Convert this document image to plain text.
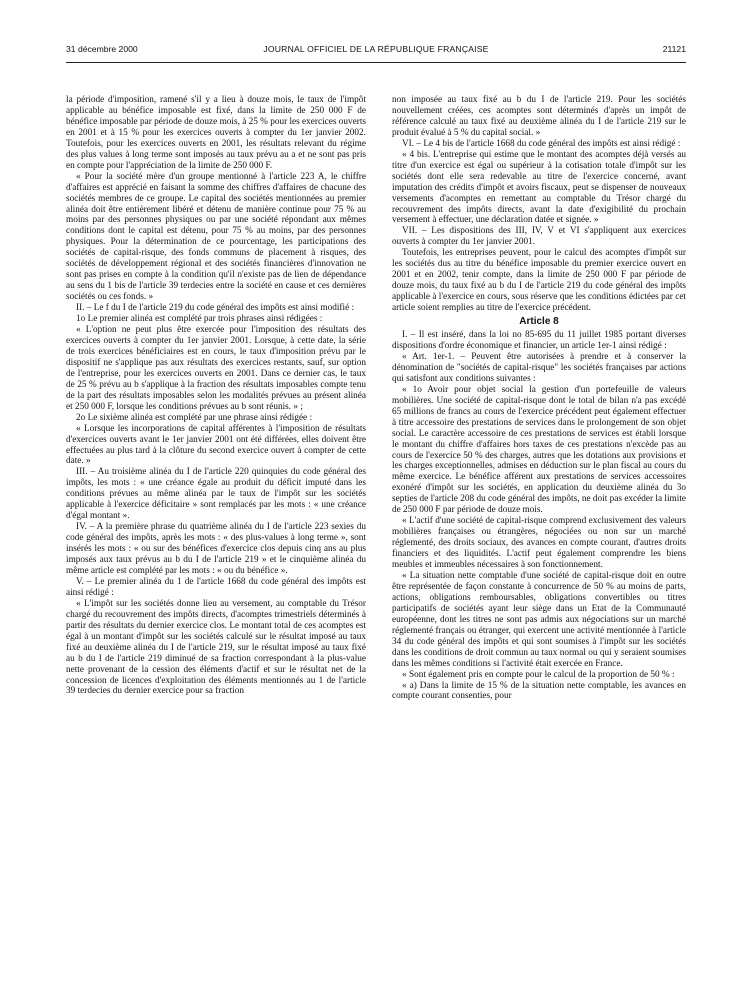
31 décembre 2000	JOURNAL OFFICIEL DE LA RÉPUBLIQUE FRANÇAISE	21121

la période d'imposition, ramené s'il y a lieu à douze mois, le taux de l'impôt applicable au bénéfice imposable est fixé, dans la limite de 250 000 F de bénéfice imposable par période de douze mois, à 25 % pour les exercices ouverts en 2001 et à 15 % pour les exercices ouverts à compter du 1er janvier 2002. Toutefois, pour les exercices ouverts en 2001, les résultats relevant du régime des plus values à long terme sont imposés au taux prévu au a et ne sont pas pris en compte pour l'appréciation de la limite de 250 000 F.

« Pour la société mère d'un groupe mentionné à l'article 223 A, le chiffre d'affaires est apprécié en faisant la somme des chiffres d'affaires de chacune des sociétés membres de ce groupe. Le capital des sociétés mentionnées au premier alinéa doit être entièrement libéré et détenu de manière continue pour 75 % au moins par des personnes physiques ou par une société répondant aux mêmes conditions dont le capital est détenu, pour 75 % au moins, par des personnes physiques. Pour la détermination de ce pourcentage, les participations des sociétés de capital-risque, des fonds communs de placement à risques, des sociétés de développement régional et des sociétés financières d'innovation ne sont pas prises en compte à la condition qu'il n'existe pas de lien de dépendance au sens du 1 bis de l'article 39 terdecies entre la société en cause et ces dernières sociétés ou ces fonds. »

II. – Le f du I de l'article 219 du code général des impôts est ainsi modifié :

1o Le premier alinéa est complété par trois phrases ainsi rédigées :

« L'option ne peut plus être exercée pour l'imposition des résultats des exercices ouverts à compter du 1er janvier 2001. Lorsque, à cette date, la série de trois exercices bénéficiaires est en cours, le taux d'imposition prévu par le dispositif ne s'applique pas aux résultats des exercices restants, sauf, sur option de l'entreprise, pour les exercices ouverts en 2001. Dans ce dernier cas, le taux de 25 % prévu au b s'applique à la fraction des résultats imposables compte tenu de la part des résultats imposables selon les modalités prévues au présent alinéa et 250 000 F, lorsque les conditions prévues au b sont réunis. » ;

2o Le sixième alinéa est complété par une phrase ainsi rédigée :

« Lorsque les incorporations de capital afférentes à l'imposition de résultats d'exercices ouverts avant le 1er janvier 2001 ont été différées, elles doivent être effectuées au plus tard à la clôture du second exercice ouvert à compter de cette date. »

III. – Au troisième alinéa du I de l'article 220 quinquies du code général des impôts, les mots : « une créance égale au produit du déficit imputé dans les conditions prévues au même alinéa par le taux de l'impôt sur les sociétés applicable à l'exercice déficitaire » sont remplacés par les mots : « une créance d'égal montant ».

IV. – A la première phrase du quatrième alinéa du I de l'article 223 sexies du code général des impôts, après les mots : « des plus-values à long terme », sont insérés les mots : « ou sur des bénéfices d'exercice clos depuis cinq ans au plus imposés aux taux prévus au b du I de l'article 219 » et le cinquième alinéa du même article est complété par les mots : « ou du bénéfice ».

V. – Le premier alinéa du 1 de l'article 1668 du code général des impôts est ainsi rédigé :

« L'impôt sur les sociétés donne lieu au versement, au comptable du Trésor chargé du recouvrement des impôts directs, d'acomptes trimestriels déterminés à partir des résultats du dernier exercice clos. Le montant total de ces acomptes est égal à un montant d'impôt sur les sociétés calculé sur le résultat imposé au taux fixé au deuxième alinéa du I de l'article 219, sur le résultat imposé au taux fixé au b du I de l'article 219 diminué de sa fraction correspondant à la plus-value nette provenant de la cession des éléments d'actif et sur le résultat net de la concession de licences d'exploitation des éléments mentionnés au 1 de l'article 39 terdecies du dernier exercice pour sa fraction

non imposée au taux fixé au b du I de l'article 219. Pour les sociétés nouvellement créées, ces acomptes sont déterminés d'après un impôt de référence calculé au taux fixé au deuxième alinéa du I de l'article 219 sur le produit évalué à 5 % du capital social. »

VI. – Le 4 bis de l'article 1668 du code général des impôts est ainsi rédigé :

« 4 bis. L'entreprise qui estime que le montant des acomptes déjà versés au titre d'un exercice est égal ou supérieur à la cotisation totale d'impôt sur les sociétés dont elle sera redevable au titre de l'exercice concerné, avant imputation des crédits d'impôt et avoirs fiscaux, peut se dispenser de nouveaux versements d'acomptes en remettant au comptable du Trésor chargé du recouvrement des impôts directs, avant la date d'exigibilité du prochain versement à effectuer, une déclaration datée et signée. »

VII. – Les dispositions des III, IV, V et VI s'appliquent aux exercices ouverts à compter du 1er janvier 2001.

Toutefois, les entreprises peuvent, pour le calcul des acomptes d'impôt sur les sociétés dus au titre du bénéfice imposable du premier exercice ouvert en 2001 et en 2002, tenir compte, dans la limite de 250 000 F par période de douze mois, du taux fixé au b du I de l'article 219 du code général des impôts applicable à l'exercice en cours, sous réserve que les conditions édictées par cet article soient remplies au titre de l'exercice précédent.

Article 8

I. – Il est inséré, dans la loi no 85-695 du 11 juillet 1985 portant diverses dispositions d'ordre économique et financier, un article 1er-1 ainsi rédigé :

« Art. 1er-1. – Peuvent être autorisées à prendre et à conserver la dénomination de "sociétés de capital-risque" les sociétés françaises par actions qui satisfont aux conditions suivantes :

« 1o Avoir pour objet social la gestion d'un portefeuille de valeurs mobilières. Une société de capital-risque dont le total de bilan n'a pas excédé 65 millions de francs au cours de l'exercice précédent peut également effectuer à titre accessoire des prestations de services dans le prolongement de son objet social. Le caractère accessoire de ces prestations de services est établi lorsque le montant du chiffre d'affaires hors taxes de ces prestations n'excède pas au cours de l'exercice 50 % des charges, autres que les dotations aux provisions et les charges exceptionnelles, admises en déduction sur le plan fiscal au cours du même exercice. Le bénéfice afférent aux prestations de services accessoires exonéré d'impôt sur les sociétés, en application du deuxième alinéa du 3o septies de l'article 208 du code général des impôts, ne doit pas excéder la limite de 250 000 F par période de douze mois.

« L'actif d'une société de capital-risque comprend exclusivement des valeurs mobilières françaises ou étrangères, négociées ou non sur un marché réglementé, des droits sociaux, des avances en compte courant, d'autres droits financiers et des liquidités. L'actif peut également comprendre les biens meubles et immeubles nécessaires à son fonctionnement.

« La situation nette comptable d'une société de capital-risque doit en outre être représentée de façon constante à concurrence de 50 % au moins de parts, actions, obligations remboursables, obligations convertibles ou titres participatifs de sociétés ayant leur siège dans un Etat de la Communauté européenne, dont les titres ne sont pas admis aux négociations sur un marché réglementé français ou étranger, qui exercent une activité mentionnée à l'article 34 du code général des impôts et qui sont soumises à l'impôt sur les sociétés dans les conditions de droit commun au taux normal ou qui y seraient soumises dans les mêmes conditions si l'activité était exercée en France.

« Sont également pris en compte pour le calcul de la proportion de 50 % :

« a) Dans la limite de 15 % de la situation nette comptable, les avances en compte courant consenties, pour
